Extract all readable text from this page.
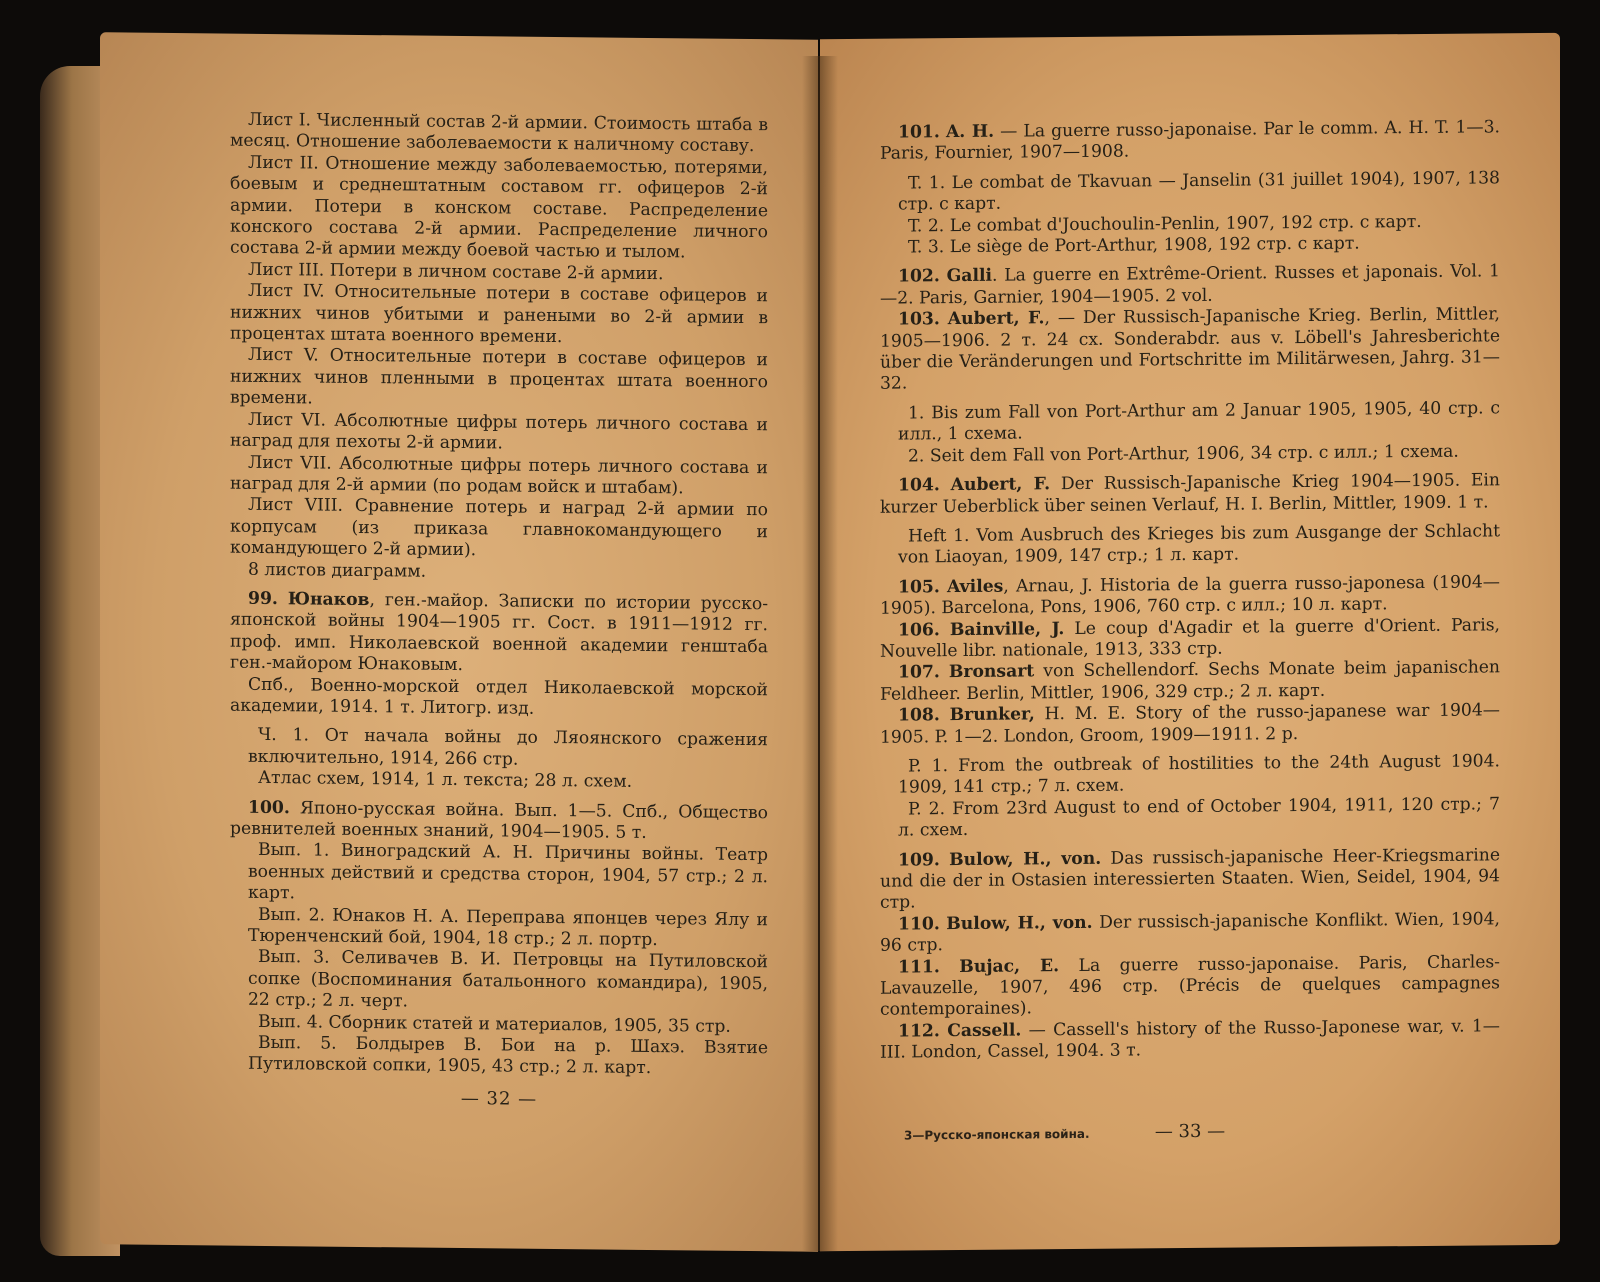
Лист I. Численный состав 2-й армии. Стоимость штаба в месяц. Отношение заболеваемости к наличному составу.

Лист II. Отношение между заболеваемостью, потерями, боевым и среднештатным составом гг. офицеров 2-й армии. Потери в конском составе. Распределение конского состава 2-й армии. Распределение личного состава 2-й армии между боевой частью и тылом.

Лист III. Потери в личном составе 2-й армии.

Лист IV. Относительные потери в составе офицеров и нижних чинов убитыми и ранеными во 2-й армии в процентах штата военного времени.

Лист V. Относительные потери в составе офицеров и нижних чинов пленными в процентах штата военного времени.

Лист VI. Абсолютные цифры потерь личного состава и наград для пехоты 2-й армии.

Лист VII. Абсолютные цифры потерь личного состава и наград для 2-й армии (по родам войск и штабам).

Лист VIII. Сравнение потерь и наград 2-й армии по корпусам (из приказа главнокомандующего и командующего 2-й армии).

8 листов диаграмм.

99. Юнаков, ген.-майор. Записки по истории русско-японской войны 1904—1905 гг. Сост. в 1911—1912 гг. проф. имп. Николаевской военной академии генштаба ген.-майором Юнаковым.

Спб., Военно-морской отдел Николаевской морской академии, 1914. 1 т. Литогр. изд.

Ч. 1. От начала войны до Ляоянского сражения включительно, 1914, 266 стр.

Атлас схем, 1914, 1 л. текста; 28 л. схем.

100. Японо-русская война. Вып. 1—5. Спб., Общество ревнителей военных знаний, 1904—1905. 5 т.

Вып. 1. Виноградский А. Н. Причины войны. Театр военных действий и средства сторон, 1904, 57 стр.; 2 л. карт.

Вып. 2. Юнаков Н. А. Переправа японцев через Ялу и Тюренченский бой, 1904, 18 стр.; 2 л. портр.

Вып. 3. Селивачев В. И. Петровцы на Путиловской сопке (Воспоминания батальонного командира), 1905, 22 стр.; 2 л. черт.

Вып. 4. Сборник статей и материалов, 1905, 35 стр.

Вып. 5. Болдырев В. Бои на р. Шахэ. Взятие Путиловской сопки, 1905, 43 стр.; 2 л. карт.

— 32 —

101. A. H. — La guerre russo-japonaise. Par le comm. A. H. T. 1—3. Paris, Fournier, 1907—1908.

T. 1. Le combat de Tkavuan — Janselin (31 juillet 1904), 1907, 138 стр. с карт.

T. 2. Le combat d'Jouchoulin-Penlin, 1907, 192 стр. с карт.

T. 3. Le siège de Port-Arthur, 1908, 192 стр. с карт.

102. Galli. La guerre en Extrême-Orient. Russes et japonais. Vol. 1—2. Paris, Garnier, 1904—1905. 2 vol.

103. Aubert, F., — Der Russisch-Japanische Krieg. Berlin, Mittler, 1905—1906. 2 т. 24 сх. Sonderabdr. aus v. Löbell's Jahresberichte über die Veränderungen und Fortschritte im Militärwesen, Jahrg. 31—32.

1. Bis zum Fall von Port-Arthur am 2 Januar 1905, 1905, 40 стр. с илл., 1 схема.

2. Seit dem Fall von Port-Arthur, 1906, 34 стр. с илл.; 1 схема.

104. Aubert, F. Der Russisch-Japanische Krieg 1904—1905. Ein kurzer Ueberblick über seinen Verlauf, H. I. Berlin, Mittler, 1909. 1 т.

Heft 1. Vom Ausbruch des Krieges bis zum Ausgange der Schlacht von Liaoyan, 1909, 147 стр.; 1 л. карт.

105. Aviles, Arnau, J. Historia de la guerra russo-japonesa (1904—1905). Barcelona, Pons, 1906, 760 стр. с илл.; 10 л. карт.

106. Bainville, J. Le coup d'Agadir et la guerre d'Orient. Paris, Nouvelle libr. nationale, 1913, 333 стр.

107. Bronsart von Schellendorf. Sechs Monate beim japanischen Feldheer. Berlin, Mittler, 1906, 329 стр.; 2 л. карт.

108. Brunker, H. M. E. Story of the russo-japanese war 1904—1905. P. 1—2. London, Groom, 1909—1911. 2 p.

P. 1. From the outbreak of hostilities to the 24th August 1904. 1909, 141 стр.; 7 л. схем.

P. 2. From 23rd August to end of October 1904, 1911, 120 стр.; 7 л. схем.

109. Bulow, H., von. Das russisch-japanische Heer-Kriegsmarine und die der in Ostasien interessierten Staaten. Wien, Seidel, 1904, 94 стр.

110. Bulow, H., von. Der russisch-japanische Konflikt. Wien, 1904, 96 стр.

111. Bujac, E. La guerre russo-japonaise. Paris, Charles-Lavauzelle, 1907, 496 стр. (Précis de quelques campagnes contemporaines).

112. Cassell. — Cassell's history of the Russo-Japonese war, v. 1—III. London, Cassel, 1904. 3 т.

3—Русско-японская война.	— 33 —
